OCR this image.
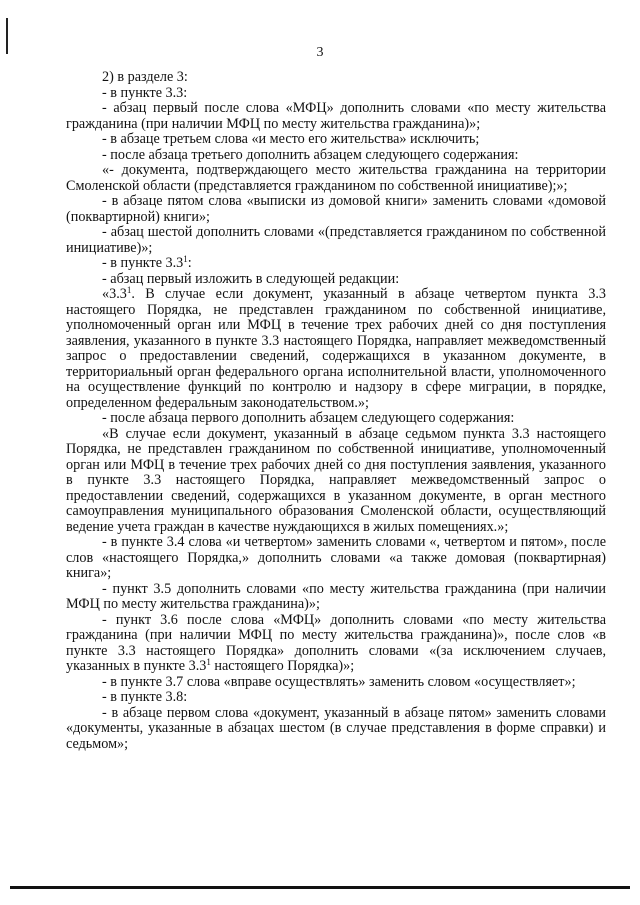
3

2) в разделе 3:

- в пункте 3.3:

- абзац первый после слова «МФЦ» дополнить словами «по месту жительства гражданина (при наличии МФЦ по месту жительства гражданина)»;

- в абзаце третьем слова «и место его жительства» исключить;

- после абзаца третьего дополнить абзацем следующего содержания:

«- документа, подтверждающего место жительства гражданина на территории Смоленской области (представляется гражданином по собственной инициативе);»;

- в абзаце пятом слова «выписки из домовой книги» заменить словами «домовой (поквартирной) книги»;

- абзац шестой дополнить словами «(представляется гражданином по собственной инициативе)»;

- в пункте $3.3^1$:

- абзац первый изложить в следующей редакции:

«$3.3^1$. В случае если документ, указанный в абзаце четвертом пункта 3.3 настоящего Порядка, не представлен гражданином по собственной инициативе, уполномоченный орган или МФЦ в течение трех рабочих дней со дня поступления заявления, указанного в пункте 3.3 настоящего Порядка, направляет межведомственный запрос о предоставлении сведений, содержащихся в указанном документе, в территориальный орган федерального органа исполнительной власти, уполномоченного на осуществление функций по контролю и надзору в сфере миграции, в порядке, определенном федеральным законодательством.»;

- после абзаца первого дополнить абзацем следующего содержания:

«В случае если документ, указанный в абзаце седьмом пункта 3.3 настоящего Порядка, не представлен гражданином по собственной инициативе, уполномоченный орган или МФЦ в течение трех рабочих дней со дня поступления заявления, указанного в пункте 3.3 настоящего Порядка, направляет межведомственный запрос о предоставлении сведений, содержащихся в указанном документе, в орган местного самоуправления муниципального образования Смоленской области, осуществляющий ведение учета граждан в качестве нуждающихся в жилых помещениях.»;

- в пункте 3.4 слова «и четвертом» заменить словами «, четвертом и пятом», после слов «настоящего Порядка,» дополнить словами «а также домовая (поквартирная) книга»;

- пункт 3.5 дополнить словами «по месту жительства гражданина (при наличии МФЦ по месту жительства гражданина)»;

- пункт 3.6 после слова «МФЦ» дополнить словами «по месту жительства гражданина (при наличии МФЦ по месту жительства гражданина)», после слов «в пункте 3.3 настоящего Порядка» дополнить словами «(за исключением случаев, указанных в пункте $3.3^1$ настоящего Порядка)»;

- в пункте 3.7 слова «вправе осуществлять» заменить словом «осуществляет»;

- в пункте 3.8:

- в абзаце первом слова «документ, указанный в абзаце пятом» заменить словами «документы, указанные в абзацах шестом (в случае представления в форме справки) и седьмом»;
